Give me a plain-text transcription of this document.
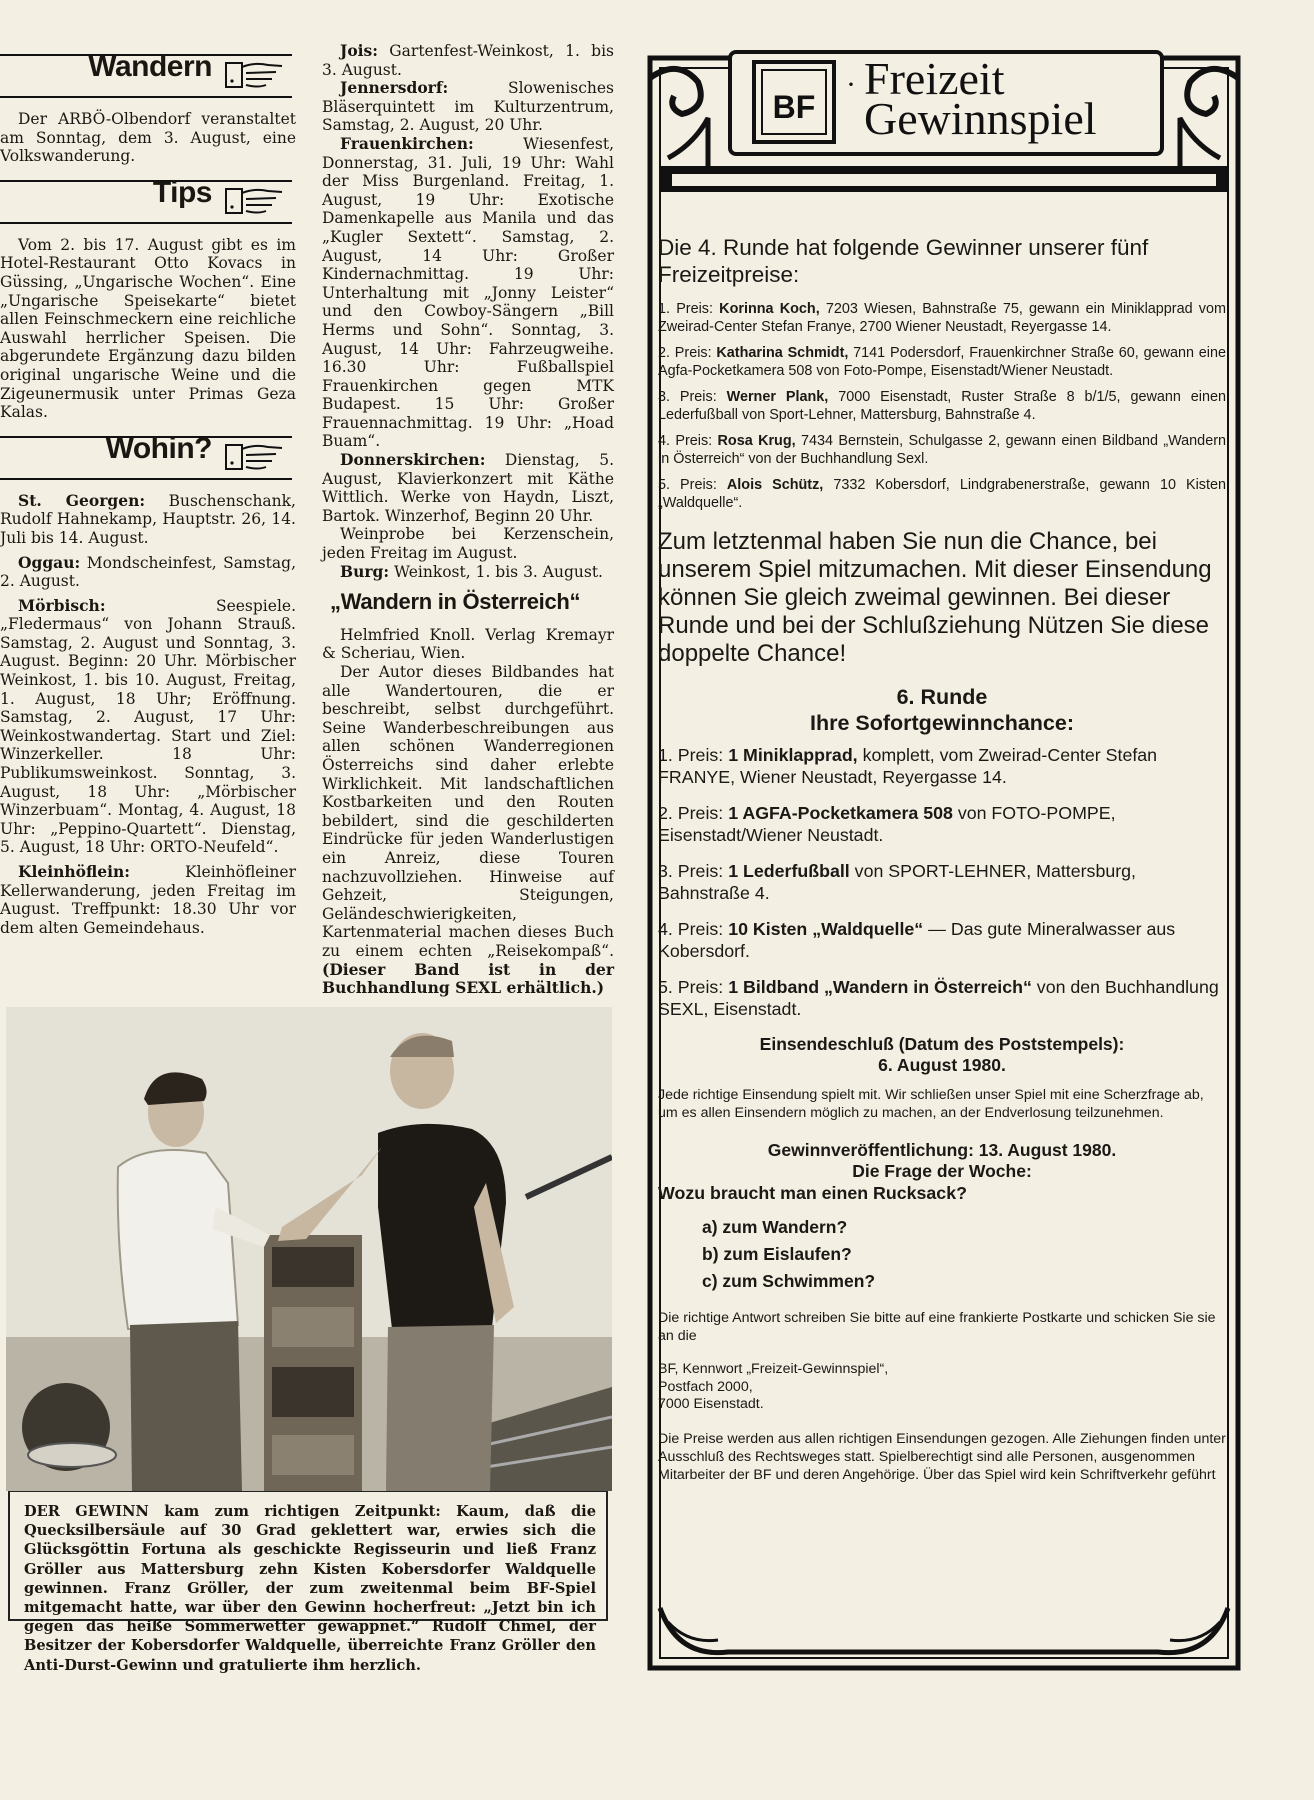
Wandern

Der ARBÖ-Olbendorf veranstaltet am Sonntag, dem 3. August, eine Volkswanderung.

Tips

Vom 2. bis 17. August gibt es im Hotel-Restaurant Otto Kovacs in Güssing, „Ungarische Wochen“. Eine „Ungarische Speisekarte“ bietet allen Feinschmeckern eine reichliche Auswahl herrlicher Speisen. Die abgerundete Ergänzung dazu bilden original ungarische Weine und die Zigeunermusik unter Primas Geza Kalas.

Wohin?

St. Georgen: Buschenschank, Rudolf Hahnekamp, Hauptstr. 26, 14. Juli bis 14. August.

Oggau: Mondscheinfest, Samstag, 2. August.

Mörbisch:	Seespiele. „Fledermaus“ von Johann Strauß. Samstag, 2. August und Sonntag, 3. August. Beginn: 20 Uhr. Mörbischer Weinkost, 1. bis 10. August, Freitag, 1. August, 18 Uhr; Eröffnung. Samstag, 2. August, 17 Uhr: Weinkostwandertag. Start und Ziel: Winzerkeller. 18 Uhr: Publikumsweinkost. Sonntag, 3. August, 18 Uhr: „Mörbischer Winzerbuam“. Montag, 4. August, 18 Uhr: „Peppino-Quartett“. Dienstag, 5. August, 18 Uhr: ORTO-Neufeld“.

Kleinhöflein:	Kleinhöfleiner Kellerwanderung, jeden Freitag im August. Treffpunkt: 18.30 Uhr vor dem alten Gemeindehaus.

Jois: Gartenfest-Weinkost, 1. bis 3. August.

Jennersdorf:	Slowenisches Bläserquintett im Kulturzentrum, Samstag, 2. August, 20 Uhr.

Frauenkirchen:	Wiesenfest, Donnerstag, 31. Juli, 19 Uhr: Wahl der Miss Burgenland. Freitag, 1. August, 19 Uhr: Exotische Damenkapelle aus Manila und das „Kugler Sextett“. Samstag, 2. August, 14 Uhr: Großer Kindernachmittag. 19 Uhr: Unterhaltung mit „Jonny Leister“ und den Cowboy-Sängern „Bill Herms und Sohn“. Sonntag, 3. August, 14 Uhr: Fahrzeugweihe. 16.30 Uhr: Fußballspiel Frauenkirchen gegen MTK Budapest. 15 Uhr: Großer Frauennachmittag. 19 Uhr: „Hoad Buam“.

Donnerskirchen: Dienstag, 5. August, Klavierkonzert mit Käthe Wittlich. Werke von Haydn, Liszt, Bartok. Winzerhof, Beginn 20 Uhr.

Weinprobe bei Kerzenschein, jeden Freitag im August.

Burg: Weinkost, 1. bis 3. August.

„Wandern in Österreich“

Helmfried Knoll. Verlag Kremayr & Scheriau, Wien.

Der Autor dieses Bildbandes hat alle Wandertouren, die er beschreibt, selbst durchgeführt. Seine Wanderbeschreibungen aus allen schönen Wanderregionen Österreichs sind daher erlebte Wirklichkeit. Mit landschaftlichen Kostbarkeiten und den Routen bebildert, sind die geschilderten Eindrücke für jeden Wanderlustigen ein Anreiz, diese Touren nachzuvollziehen. Hinweise auf Gehzeit, Steigungen, Geländeschwierigkeiten, Kartenmaterial machen dieses Buch zu einem echten „Reisekompaß“. (Dieser Band ist in der Buchhandlung SEXL erhältlich.)

DER GEWINN kam zum richtigen Zeitpunkt: Kaum, daß die Quecksilbersäule auf 30 Grad geklettert war, erwies sich die Glücksgöttin Fortuna als geschickte Regisseurin und ließ Franz Gröller aus Mattersburg zehn Kisten Kobersdorfer Waldquelle gewinnen. Franz Gröller, der zum zweitenmal beim BF-Spiel mitgemacht hatte, war über den Gewinn hocherfreut: „Jetzt bin ich gegen das heiße Sommerwetter gewappnet.“ Rudolf Chmel, der Besitzer der Kobersdorfer Waldquelle, überreichte Franz Gröller den Anti-Durst-Gewinn und gratulierte ihm herzlich.
BF
· Freizeit
Gewinnspiel
Die 4. Runde hat folgende Gewinner unserer fünf Freizeitpreise:
1. Preis: Korinna Koch, 7203 Wiesen, Bahnstraße 75, gewann ein Miniklapprad vom Zweirad-Center Stefan Franye, 2700 Wiener Neustadt, Reyergasse 14.
2. Preis: Katharina Schmidt, 7141 Podersdorf, Frauenkirchner Straße 60, gewann eine Agfa-Pocketkamera 508 von Foto-Pompe, Eisenstadt/Wiener Neustadt.
3. Preis: Werner Plank, 7000 Eisenstadt, Ruster Straße 8 b/1/5, gewann einen Lederfußball von Sport-Lehner, Mattersburg, Bahnstraße 4.
4. Preis: Rosa Krug, 7434 Bernstein, Schulgasse 2, gewann einen Bildband „Wandern in Österreich“ von der Buchhandlung Sexl.
5. Preis: Alois Schütz, 7332 Kobersdorf, Lindgrabenerstraße, gewann 10 Kisten „Waldquelle“.
Zum letztenmal haben Sie nun die Chance, bei unserem Spiel mitzumachen. Mit dieser Einsendung können Sie gleich zweimal gewinnen. Bei dieser Runde und bei der Schlußziehung Nützen Sie diese doppelte Chance!
6. Runde
Ihre Sofortgewinnchance:
1. Preis: 1 Miniklapprad, komplett, vom Zweirad-Center Stefan FRANYE, Wiener Neustadt, Reyergasse 14.
2. Preis: 1 AGFA-Pocketkamera 508 von FOTO-POMPE, Eisenstadt/Wiener Neustadt.
3. Preis: 1 Lederfußball von SPORT-LEHNER, Mattersburg, Bahnstraße 4.
4. Preis: 10 Kisten „Waldquelle“ — Das gute Mineralwasser aus Kobersdorf.
5. Preis: 1 Bildband „Wandern in Österreich“ von den Buchhandlung SEXL, Eisenstadt.
Einsendeschluß (Datum des Poststempels):
6. August 1980.
Jede richtige Einsendung spielt mit. Wir schließen unser Spiel mit eine Scherzfrage ab, um es allen Einsendern möglich zu machen, an der Endverlosung teilzunehmen.
Gewinnveröffentlichung: 13. August 1980.
Die Frage der Woche:
Wozu braucht man einen Rucksack?
a) zum Wandern?
b) zum Eislaufen?
c) zum Schwimmen?
Die richtige Antwort schreiben Sie bitte auf eine frankierte Postkarte und schicken Sie sie an die
BF, Kennwort „Freizeit-Gewinnspiel“,
Postfach 2000,
7000 Eisenstadt.
Die Preise werden aus allen richtigen Einsendungen gezogen. Alle Ziehungen finden unter Ausschluß des Rechtsweges statt. Spielberechtigt sind alle Personen, ausgenommen Mitarbeiter der BF und deren Angehörige. Über das Spiel wird kein Schriftverkehr geführt
